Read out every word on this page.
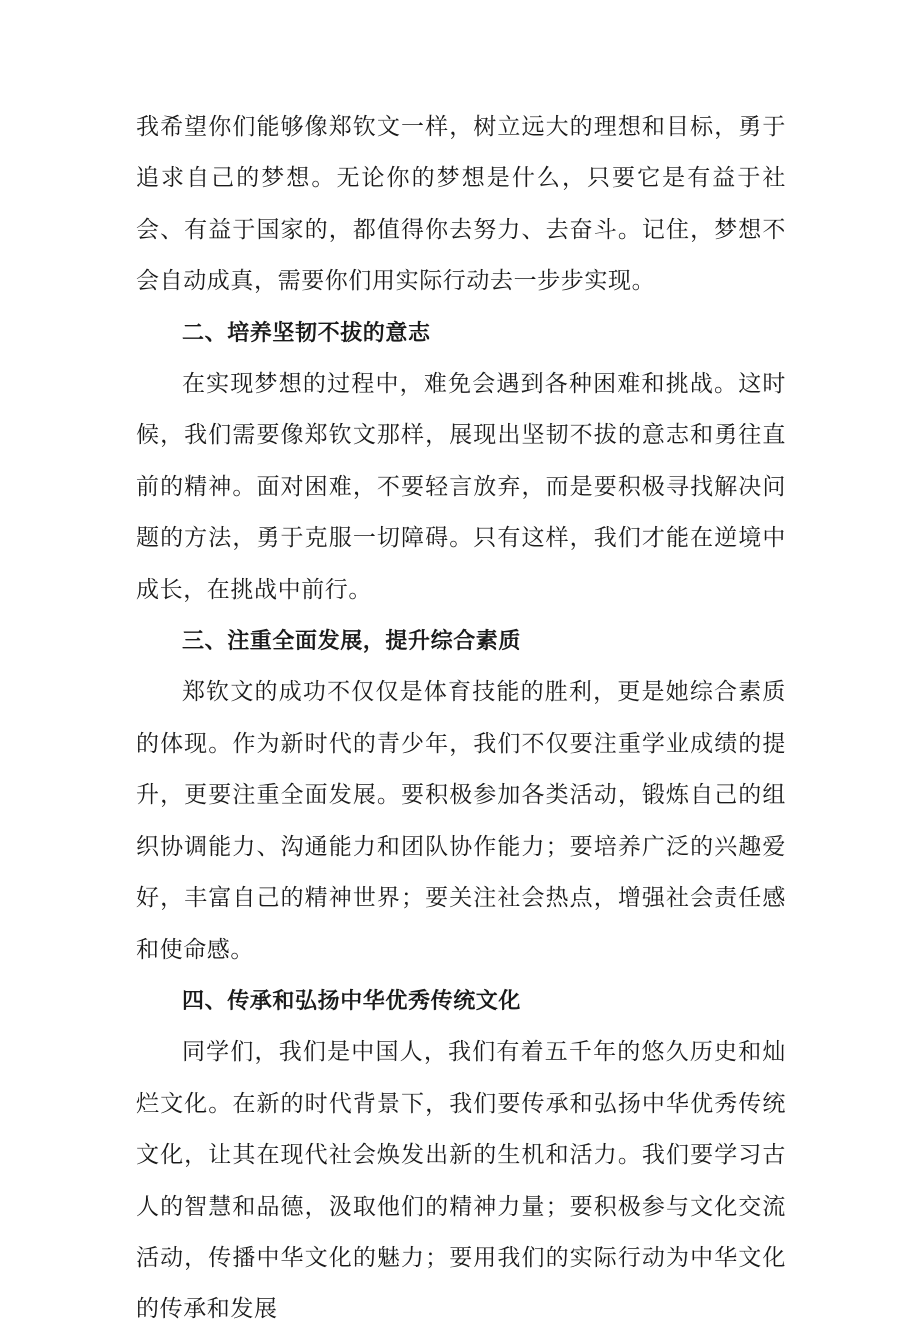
我希望你们能够像郑钦文一样，树立远大的理想和目标，勇于追求自己的梦想。无论你的梦想是什么，只要它是有益于社会、有益于国家的，都值得你去努力、去奋斗。记住，梦想不会自动成真，需要你们用实际行动去一步步实现。

二、培养坚韧不拔的意志

在实现梦想的过程中，难免会遇到各种困难和挑战。这时候，我们需要像郑钦文那样，展现出坚韧不拔的意志和勇往直前的精神。面对困难，不要轻言放弃，而是要积极寻找解决问题的方法，勇于克服一切障碍。只有这样，我们才能在逆境中成长，在挑战中前行。

三、注重全面发展，提升综合素质

郑钦文的成功不仅仅是体育技能的胜利，更是她综合素质的体现。作为新时代的青少年，我们不仅要注重学业成绩的提升，更要注重全面发展。要积极参加各类活动，锻炼自己的组织协调能力、沟通能力和团队协作能力；要培养广泛的兴趣爱好，丰富自己的精神世界；要关注社会热点，增强社会责任感和使命感。

四、传承和弘扬中华优秀传统文化

同学们，我们是中国人，我们有着五千年的悠久历史和灿烂文化。在新的时代背景下，我们要传承和弘扬中华优秀传统文化，让其在现代社会焕发出新的生机和活力。我们要学习古人的智慧和品德，汲取他们的精神力量；要积极参与文化交流活动，传播中华文化的魅力；要用我们的实际行动为中华文化的传承和发展
